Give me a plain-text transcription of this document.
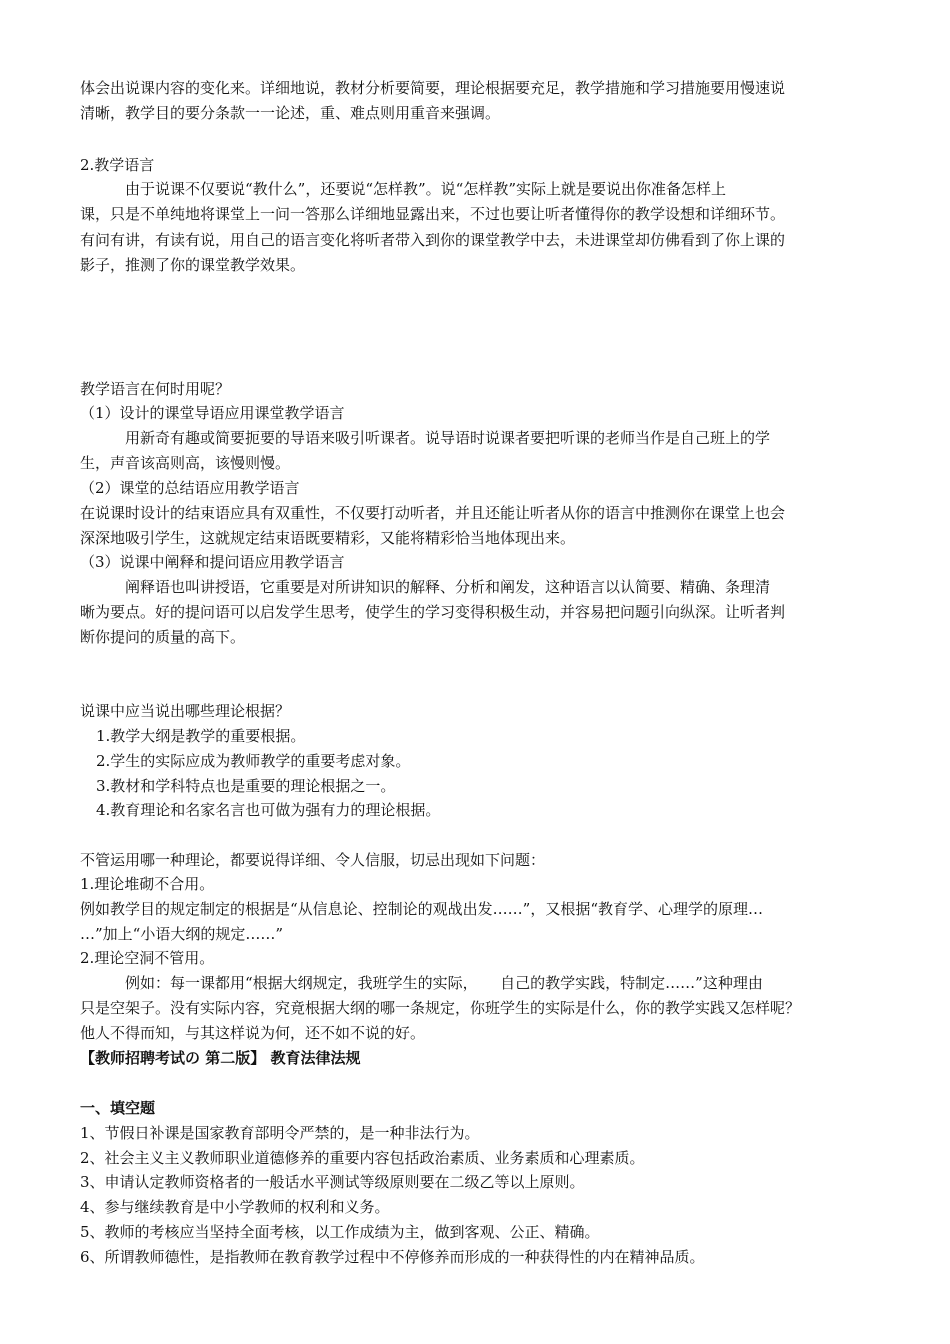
体会出说课内容的变化来。详细地说，教材分析要简要，理论根据要充足，教学措施和学习措施要用慢速说
清晰，教学目的要分条款一一论述，重、难点则用重音来强调。
2.教学语言
　　　由于说课不仅要说“教什么”，还要说“怎样教”。说“怎样教”实际上就是要说出你准备怎样上
课，只是不单纯地将课堂上一问一答那么详细地显露出来，不过也要让听者懂得你的教学设想和详细环节。
有问有讲，有读有说，用自己的语言变化将听者带入到你的课堂教学中去，未进课堂却仿佛看到了你上课的
影子，推测了你的课堂教学效果。
教学语言在何时用呢？
（1）设计的课堂导语应用课堂教学语言
　　　用新奇有趣或简要扼要的导语来吸引听课者。说导语时说课者要把听课的老师当作是自己班上的学
生，声音该高则高，该慢则慢。
（2）课堂的总结语应用教学语言
在说课时设计的结束语应具有双重性，不仅要打动听者，并且还能让听者从你的语言中推测你在课堂上也会
深深地吸引学生，这就规定结束语既要精彩，又能将精彩恰当地体现出来。
（3）说课中阐释和提问语应用教学语言
　　　阐释语也叫讲授语，它重要是对所讲知识的解释、分析和阐发，这种语言以认简要、精确、条理清
晰为要点。好的提问语可以启发学生思考，使学生的学习变得积极生动，并容易把问题引向纵深。让听者判
断你提问的质量的高下。
说课中应当说出哪些理论根据？
1.教学大纲是教学的重要根据。
2.学生的实际应成为教师教学的重要考虑对象。
3.教材和学科特点也是重要的理论根据之一。
4.教育理论和名家名言也可做为强有力的理论根据。
不管运用哪一种理论，都要说得详细、令人信服，切忌出现如下问题：
1.理论堆砌不合用。
例如教学目的规定制定的根据是“从信息论、控制论的观战出发……”，又根据“教育学、心理学的原理…
…”加上“小语大纲的规定……”
2.理论空洞不管用。
　　　例如：每一课都用“根据大纲规定，我班学生的实际，　　自己的教学实践，特制定……”这种理由
只是空架子。没有实际内容，究竟根据大纲的哪一条规定，你班学生的实际是什么，你的教学实践又怎样呢？
他人不得而知，与其这样说为何，还不如不说的好。
【教师招聘考试の 第二版】 教育法律法规
一、填空题
1、节假日补课是国家教育部明令严禁的，是一种非法行为。
2、社会主义主义教师职业道德修养的重要内容包括政治素质、业务素质和心理素质。
3、申请认定教师资格者的一般话水平测试等级原则要在二级乙等以上原则。
4、参与继续教育是中小学教师的权利和义务。
5、教师的考核应当坚持全面考核，以工作成绩为主，做到客观、公正、精确。
6、所谓教师德性，是指教师在教育教学过程中不停修养而形成的一种获得性的内在精神品质。
